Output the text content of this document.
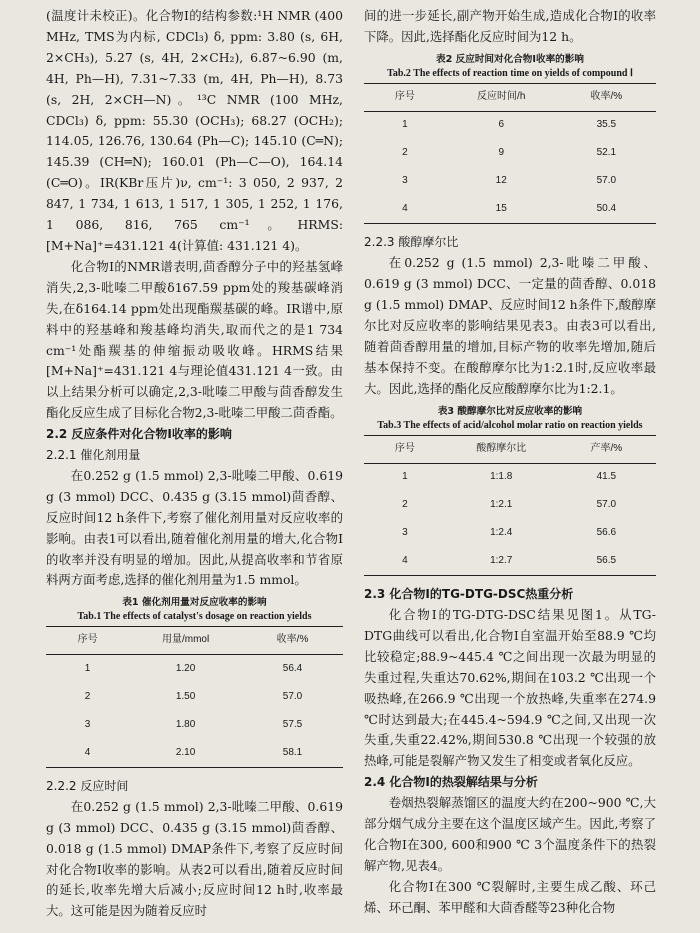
(温度计未校正)。化合物Ⅰ的结构参数:¹H NMR (400 MHz, TMS为内标, CDCl₃) δ, ppm: 3.80 (s, 6H, 2×CH₃), 5.27 (s, 4H, 2×CH₂), 6.87~6.90 (m, 4H, Ph—H), 7.31~7.33 (m, 4H, Ph—H), 8.73 (s, 2H, 2×CH—N)。¹³C NMR (100 MHz, CDCl₃) δ, ppm: 55.30 (OCH₃); 68.27 (OCH₂); 114.05, 126.76, 130.64 (Ph—C); 145.10 (C═N); 145.39 (CH═N); 160.01 (Ph—C—O), 164.14 (C═O)。IR(KBr压片)ν, cm⁻¹: 3 050, 2 937, 2 847, 1 734, 1 613, 1 517, 1 305, 1 252, 1 176, 1 086, 816, 765 cm⁻¹。HRMS: [M+Na]⁺=431.121 4(计算值: 431.121 4)。

化合物Ⅰ的NMR谱表明,茴香醇分子中的羟基氢峰消失,2,3-吡嗪二甲酸δ167.59 ppm处的羧基碳峰消失,在δ164.14 ppm处出现酯羰基碳的峰。IR谱中,原料中的羟基峰和羧基峰均消失,取而代之的是1 734 cm⁻¹处酯羰基的伸缩振动吸收峰。HRMS结果[M+Na]⁺=431.121 4与理论值431.121 4一致。由以上结果分析可以确定,2,3-吡嗪二甲酸与茴香醇发生酯化反应生成了目标化合物2,3-吡嗪二甲酸二茴香酯。

2.2 反应条件对化合物Ⅰ收率的影响

2.2.1 催化剂用量

在0.252 g (1.5 mmol) 2,3-吡嗪二甲酸、0.619 g (3 mmol) DCC、0.435 g (3.15 mmol)茴香醇、反应时间12 h条件下,考察了催化剂用量对反应收率的影响。由表1可以看出,随着催化剂用量的增大,化合物Ⅰ的收率并没有明显的增加。因此,从提高收率和节省原料两方面考虑,选择的催化剂用量为1.5 mmol。

表1 催化剂用量对反应收率的影响
Tab.1 The effects of catalyst's dosage on reaction yields
序号	用量/mmol	收率/%
1	1.20	56.4
2	1.50	57.0
3	1.80	57.5
4	2.10	58.1

2.2.2 反应时间

在0.252 g (1.5 mmol) 2,3-吡嗪二甲酸、0.619 g (3 mmol) DCC、0.435 g (3.15 mmol)茴香醇、0.018 g (1.5 mmol) DMAP条件下,考察了反应时间对化合物Ⅰ收率的影响。从表2可以看出,随着反应时间的延长,收率先增大后减小;反应时间12 h时,收率最大。这可能是因为随着反应时

间的进一步延长,副产物开始生成,造成化合物Ⅰ的收率下降。因此,选择酯化反应时间为12 h。

表2 反应时间对化合物Ⅰ收率的影响
Tab.2 The effects of reaction time on yields of compound Ⅰ
序号	反应时间/h	收率/%
1	6	35.5
2	9	52.1
3	12	57.0
4	15	50.4

2.2.3 酸醇摩尔比

在0.252 g (1.5 mmol) 2,3-吡嗪二甲酸、0.619 g (3 mmol) DCC、一定量的茴香醇、0.018 g (1.5 mmol) DMAP、反应时间12 h条件下,酸醇摩尔比对反应收率的影响结果见表3。由表3可以看出,随着茴香醇用量的增加,目标产物的收率先增加,随后基本保持不变。在酸醇摩尔比为1:2.1时,反应收率最大。因此,选择的酯化反应酸醇摩尔比为1:2.1。

表3 酸醇摩尔比对反应收率的影响
Tab.3 The effects of acid/alcohol molar ratio on reaction yields
序号	酸醇摩尔比	产率/%
1	1:1.8	41.5
2	1:2.1	57.0
3	1:2.4	56.6
4	1:2.7	56.5

2.3 化合物Ⅰ的TG-DTG-DSC热重分析

化合物Ⅰ的TG-DTG-DSC结果见图1。从TG-DTG曲线可以看出,化合物Ⅰ自室温开始至88.9 ℃均比较稳定;88.9~445.4 ℃之间出现一次最为明显的失重过程,失重达70.62%,期间在103.2 ℃出现一个吸热峰,在266.9 ℃出现一个放热峰,失重率在274.9 ℃时达到最大;在445.4~594.9 ℃之间,又出现一次失重,失重22.42%,期间530.8 ℃出现一个较强的放热峰,可能是裂解产物又发生了相变或者氧化反应。

2.4 化合物Ⅰ的热裂解结果与分析

卷烟热裂解蒸馏区的温度大约在200~900 ℃,大部分烟气成分主要在这个温度区域产生。因此,考察了化合物Ⅰ在300, 600和900 ℃ 3个温度条件下的热裂解产物,见表4。

化合物Ⅰ在300 ℃裂解时,主要生成乙酸、环己烯、环己酮、苯甲醛和大茴香醛等23种化合物
